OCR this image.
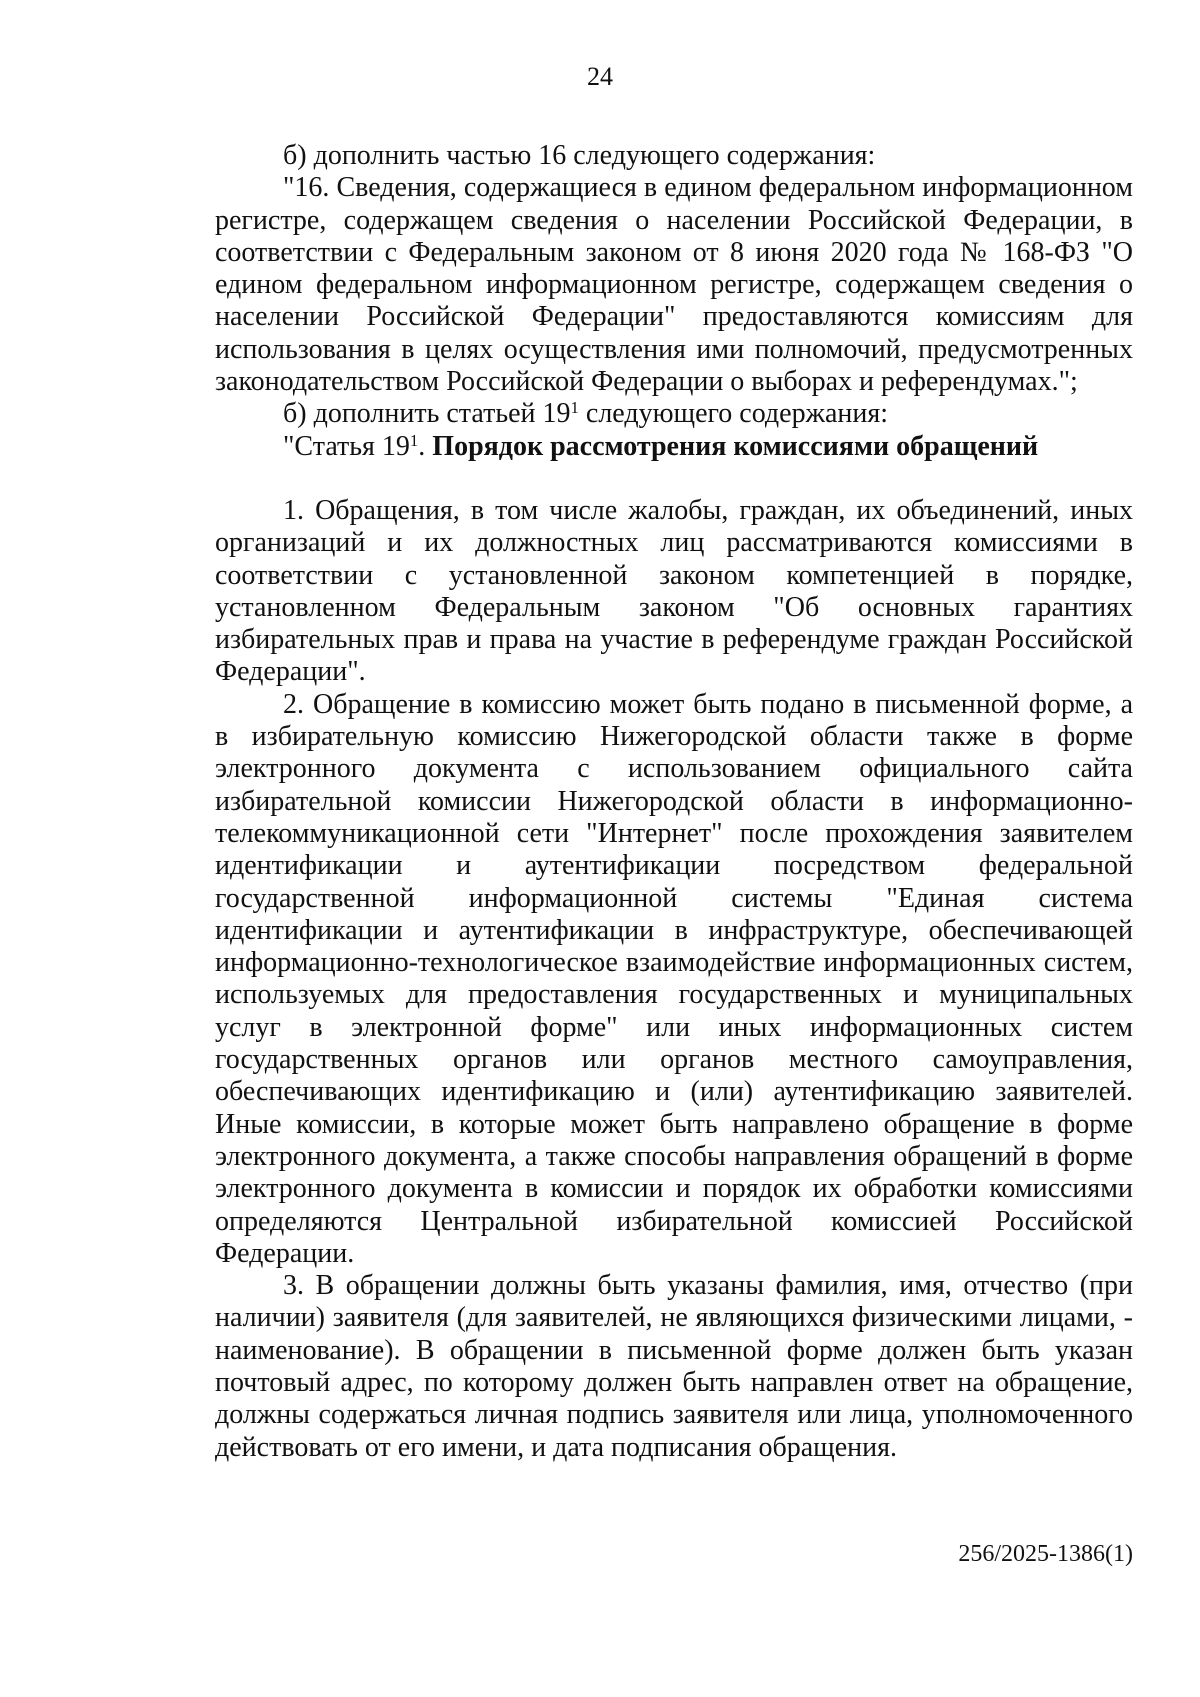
24

б) дополнить частью 16 следующего содержания:

"16. Сведения, содержащиеся в едином федеральном информационном регистре, содержащем сведения о населении Российской Федерации, в соответствии с Федеральным законом от 8 июня 2020 года № 168-ФЗ "О едином федеральном информационном регистре, содержащем сведения о населении Российской Федерации" предоставляются комиссиям для использования в целях осуществления ими полномочий, предусмотренных законодательством Российской Федерации о выборах и референдумах.";

б) дополнить статьей $19^1$ следующего содержания:

"Статья $19^1$. Порядок рассмотрения комиссиями обращений

1. Обращения, в том числе жалобы, граждан, их объединений, иных организаций и их должностных лиц рассматриваются комиссиями в соответствии с установленной законом компетенцией в порядке, установленном Федеральным законом "Об основных гарантиях избирательных прав и права на участие в референдуме граждан Российской Федерации".

2. Обращение в комиссию может быть подано в письменной форме, а в избирательную комиссию Нижегородской области также в форме электронного документа с использованием официального сайта избирательной комиссии Нижегородской области в информационно-телекоммуникационной сети "Интернет" после прохождения заявителем идентификации и аутентификации посредством федеральной государственной информационной системы "Единая система идентификации и аутентификации в инфраструктуре, обеспечивающей информационно-технологическое взаимодействие информационных систем, используемых для предоставления государственных и муниципальных услуг в электронной форме" или иных информационных систем государственных органов или органов местного самоуправления, обеспечивающих идентификацию и (или) аутентификацию заявителей. Иные комиссии, в которые может быть направлено обращение в форме электронного документа, а также способы направления обращений в форме электронного документа в комиссии и порядок их обработки комиссиями определяются Центральной избирательной комиссией Российской Федерации.

3. В обращении должны быть указаны фамилия, имя, отчество (при наличии) заявителя (для заявителей, не являющихся физическими лицами, - наименование). В обращении в письменной форме должен быть указан почтовый адрес, по которому должен быть направлен ответ на обращение, должны содержаться личная подпись заявителя или лица, уполномоченного действовать от его имени, и дата подписания обращения.

256/2025-1386(1)
